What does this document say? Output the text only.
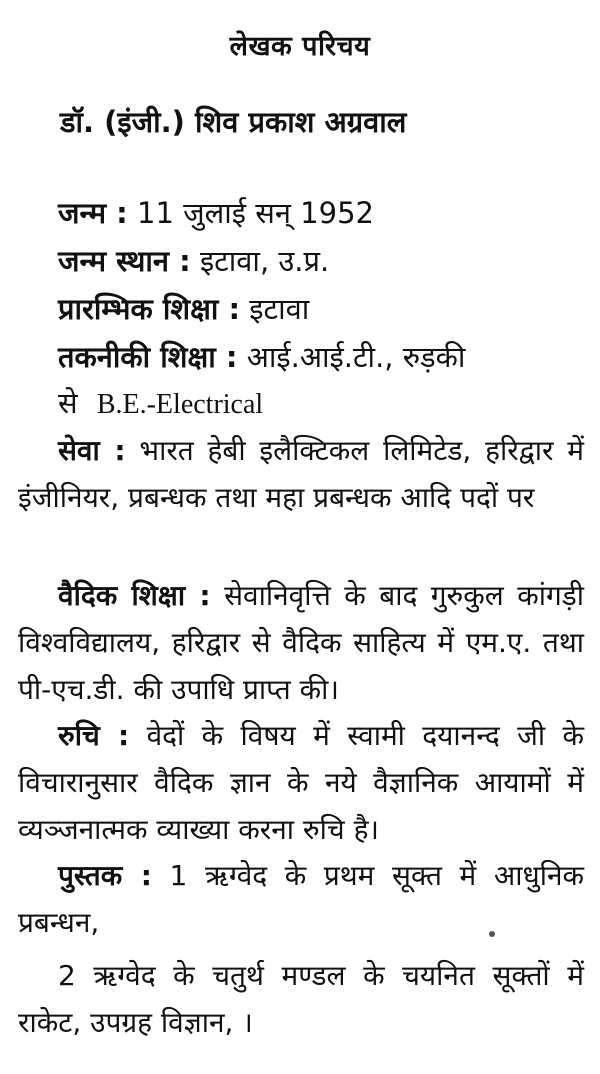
लेखक परिचय
डॉ. (इंजी.) शिव प्रकाश अग्रवाल
जन्म : 11 जुलाई सन् 1952
जन्म स्थान : इटावा, उ.प्र.
प्रारम्भिक शिक्षा : इटावा
तकनीकी शिक्षा : आई.आई.टी., रुड़की
से B.E.-Electrical
सेवा : भारत हेबी इलैक्टिकल लिमिटेड, हरिद्वार में इंजीनियर, प्रबन्धक तथा महा प्रबन्धक आदि पदों पर
वैदिक शिक्षा : सेवानिवृत्ति के बाद गुरुकुल कांगड़ी विश्वविद्यालय, हरिद्वार से वैदिक साहित्य में एम.ए. तथा पी-एच.डी. की उपाधि प्राप्त की।
रुचि : वेदों के विषय में स्वामी दयानन्द जी के विचारानुसार वैदिक ज्ञान के नये वैज्ञानिक आयामों में व्यञ्जनात्मक व्याख्या करना रुचि है।
पुस्तक : 1 ऋग्वेद के प्रथम सूक्त में आधुनिक प्रबन्धन,
2 ऋग्वेद के चतुर्थ मण्डल के चयनित सूक्तों में राकेट, उपग्रह विज्ञान, ।
